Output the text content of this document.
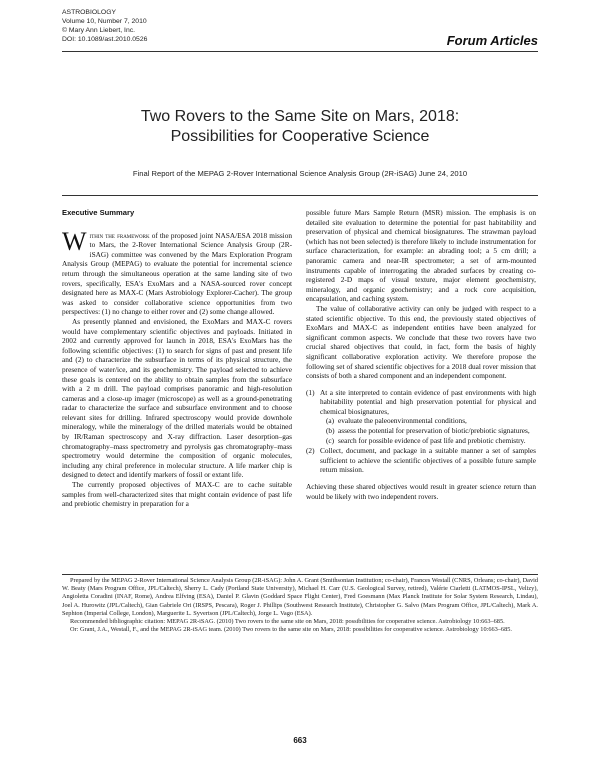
ASTROBIOLOGY
Volume 10, Number 7, 2010
© Mary Ann Liebert, Inc.
DOI: 10.1089/ast.2010.0526	Forum Articles
Two Rovers to the Same Site on Mars, 2018:
Possibilities for Cooperative Science
Final Report of the MEPAG 2-Rover International Science Analysis Group (2R-iSAG) June 24, 2010
Executive Summary

Within the framework of the proposed joint NASA/ESA 2018 mission to Mars, the 2-Rover International Science Analysis Group (2R-iSAG) committee was convened by the Mars Exploration Program Analysis Group (MEPAG) to evaluate the potential for incremental science return through the simultaneous operation at the same landing site of two rovers, specifically, ESA's ExoMars and a NASA-sourced rover concept designated here as MAX-C (Mars Astrobiology Explorer-Cacher). The group was asked to consider collaborative science opportunities from two perspectives: (1) no change to either rover and (2) some change allowed.

As presently planned and envisioned, the ExoMars and MAX-C rovers would have complementary scientific objectives and payloads. Initiated in 2002 and currently approved for launch in 2018, ESA's ExoMars has the following scientific objectives: (1) to search for signs of past and present life and (2) to characterize the subsurface in terms of its physical structure, the presence of water/ice, and its geochemistry. The payload selected to achieve these goals is centered on the ability to obtain samples from the subsurface with a 2 m drill. The payload comprises panoramic and high-resolution cameras and a close-up imager (microscope) as well as a ground-penetrating radar to characterize the surface and subsurface environment and to choose relevant sites for drilling. Infrared spectroscopy would provide downhole mineralogy, while the mineralogy of the drilled materials would be obtained by IR/Raman spectroscopy and X-ray diffraction. Laser desorption–gas chromatography–mass spectrometry and pyrolysis gas chromatography–mass spectrometry would determine the composition of organic molecules, including any chiral preference in molecular structure. A life marker chip is designed to detect and identify markers of fossil or extant life.

The currently proposed objectives of MAX-C are to cache suitable samples from well-characterized sites that might contain evidence of past life and prebiotic chemistry in preparation for a

possible future Mars Sample Return (MSR) mission. The emphasis is on detailed site evaluation to determine the potential for past habitability and preservation of physical and chemical biosignatures. The strawman payload (which has not been selected) is therefore likely to include instrumentation for surface characterization, for example: an abrading tool; a 5 cm drill; a panoramic camera and near-IR spectrometer; a set of arm-mounted instruments capable of interrogating the abraded surfaces by creating co-registered 2-D maps of visual texture, major element geochemistry, mineralogy, and organic geochemistry; and a rock core acquisition, encapsulation, and caching system.

The value of collaborative activity can only be judged with respect to a stated scientific objective. To this end, the previously stated objectives of ExoMars and MAX-C as independent entities have been analyzed for significant common aspects. We conclude that these two rovers have two crucial shared objectives that could, in fact, form the basis of highly significant collaborative exploration activity. We therefore propose the following set of shared scientific objectives for a 2018 dual rover mission that consists of both a shared component and an independent component.

(1) At a site interpreted to contain evidence of past environments with high habitability potential and high preservation potential for physical and chemical biosignatures,
(a) evaluate the paleoenvironmental conditions,
(b) assess the potential for preservation of biotic/prebiotic signatures,
(c) search for possible evidence of past life and prebiotic chemistry.
(2) Collect, document, and package in a suitable manner a set of samples sufficient to achieve the scientific objectives of a possible future sample return mission.

Achieving these shared objectives would result in greater science return than would be likely with two independent rovers.

Prepared by the MEPAG 2-Rover International Science Analysis Group (2R-iSAG): John A. Grant (Smithsonian Institution; co-chair), Frances Westall (CNRS, Orleans; co-chair), David W. Beaty (Mars Program Office, JPL/Caltech), Sherry L. Cady (Portland State University), Michael H. Carr (U.S. Geological Survey, retired), Valérie Ciarletti (LATMOS-IPSL, Velizy), Angioletta Coradini (INAF, Rome), Andrea Elfving (ESA), Daniel P. Glavin (Goddard Space Flight Center), Fred Goesmann (Max Planck Institute for Solar System Research, Lindau), Joel A. Hurowitz (JPL/Caltech), Gian Gabriele Ori (IRSPS, Pescara), Roger J. Phillips (Southwest Research Institute), Christopher G. Salvo (Mars Program Office, JPL/Caltech), Mark A. Sephton (Imperial College, London), Marguerite L. Syvertson (JPL/Caltech), Jorge L. Vago (ESA).
Recommended bibliographic citation: MEPAG 2R-iSAG. (2010) Two rovers to the same site on Mars, 2018: possibilities for cooperative science. Astrobiology 10:663–685.
Or: Grant, J.A., Westall, F., and the MEPAG 2R-iSAG team. (2010) Two rovers to the same site on Mars, 2018: possibilities for cooperative science. Astrobiology 10:663–685.
663
